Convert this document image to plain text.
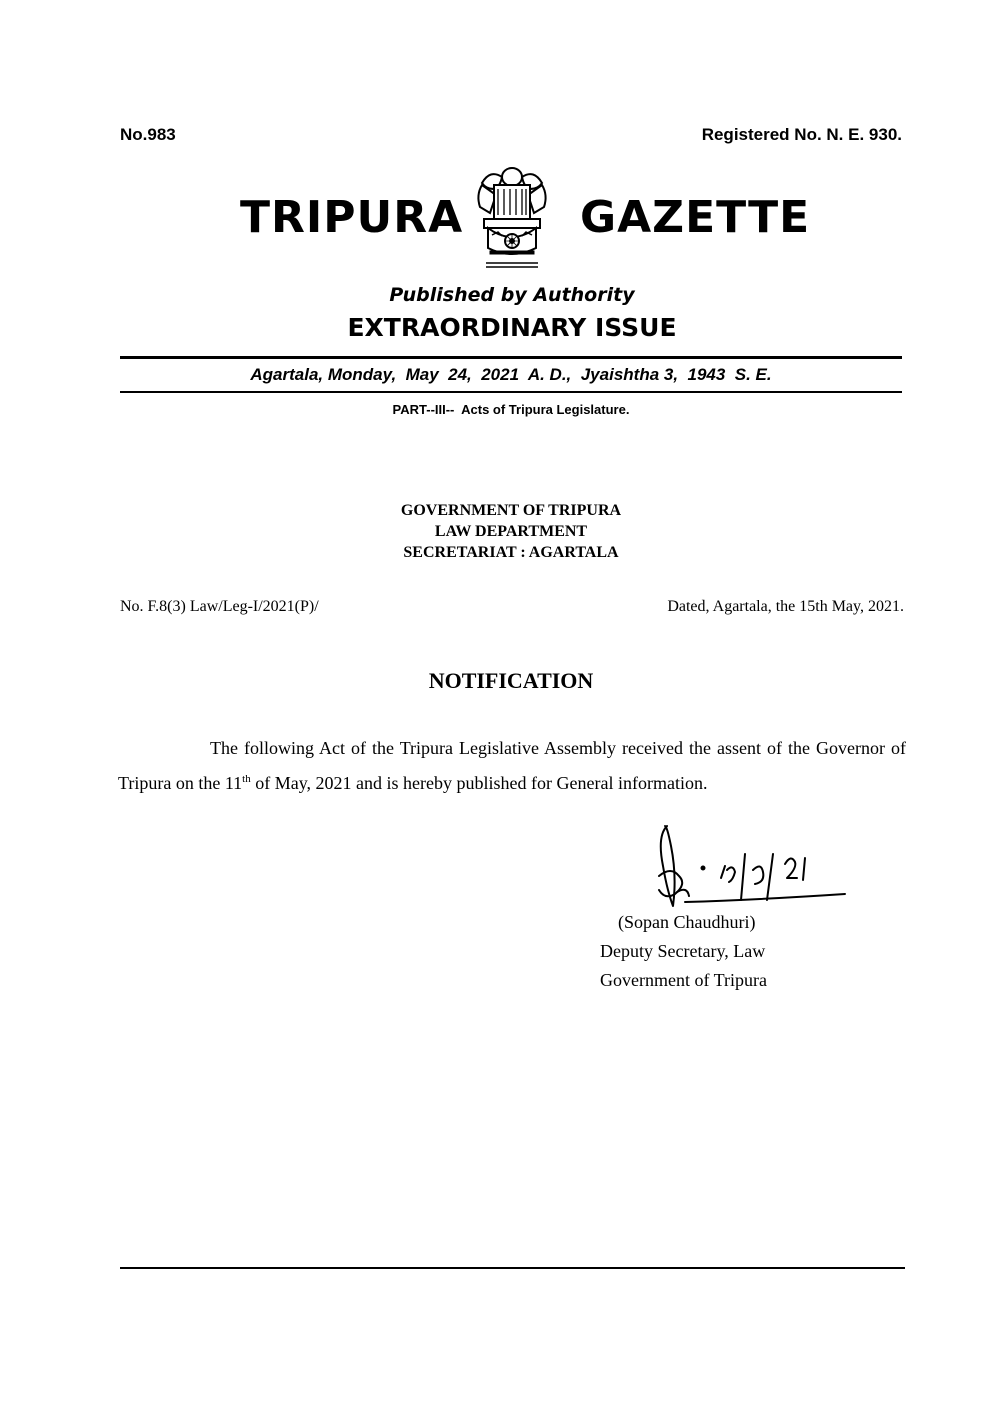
No.983	Registered No. N. E. 930.
TRIPURA	GAZETTE
Published by Authority
EXTRAORDINARY ISSUE
Agartala, Monday,  May  24,  2021  A. D.,  Jyaishtha 3,  1943  S. E.
PART--III--  Acts of Tripura Legislature.
GOVERNMENT OF TRIPURA
LAW DEPARTMENT
SECRETARIAT : AGARTALA
No. F.8(3) Law/Leg-I/2021(P)/	Dated, Agartala, the 15th May, 2021.
NOTIFICATION
The following Act of the Tripura Legislative Assembly received the assent of the Governor of Tripura on the 11th of May, 2021 and is hereby published for General information.
(Sopan Chaudhuri)
Deputy Secretary, Law
Government of Tripura
